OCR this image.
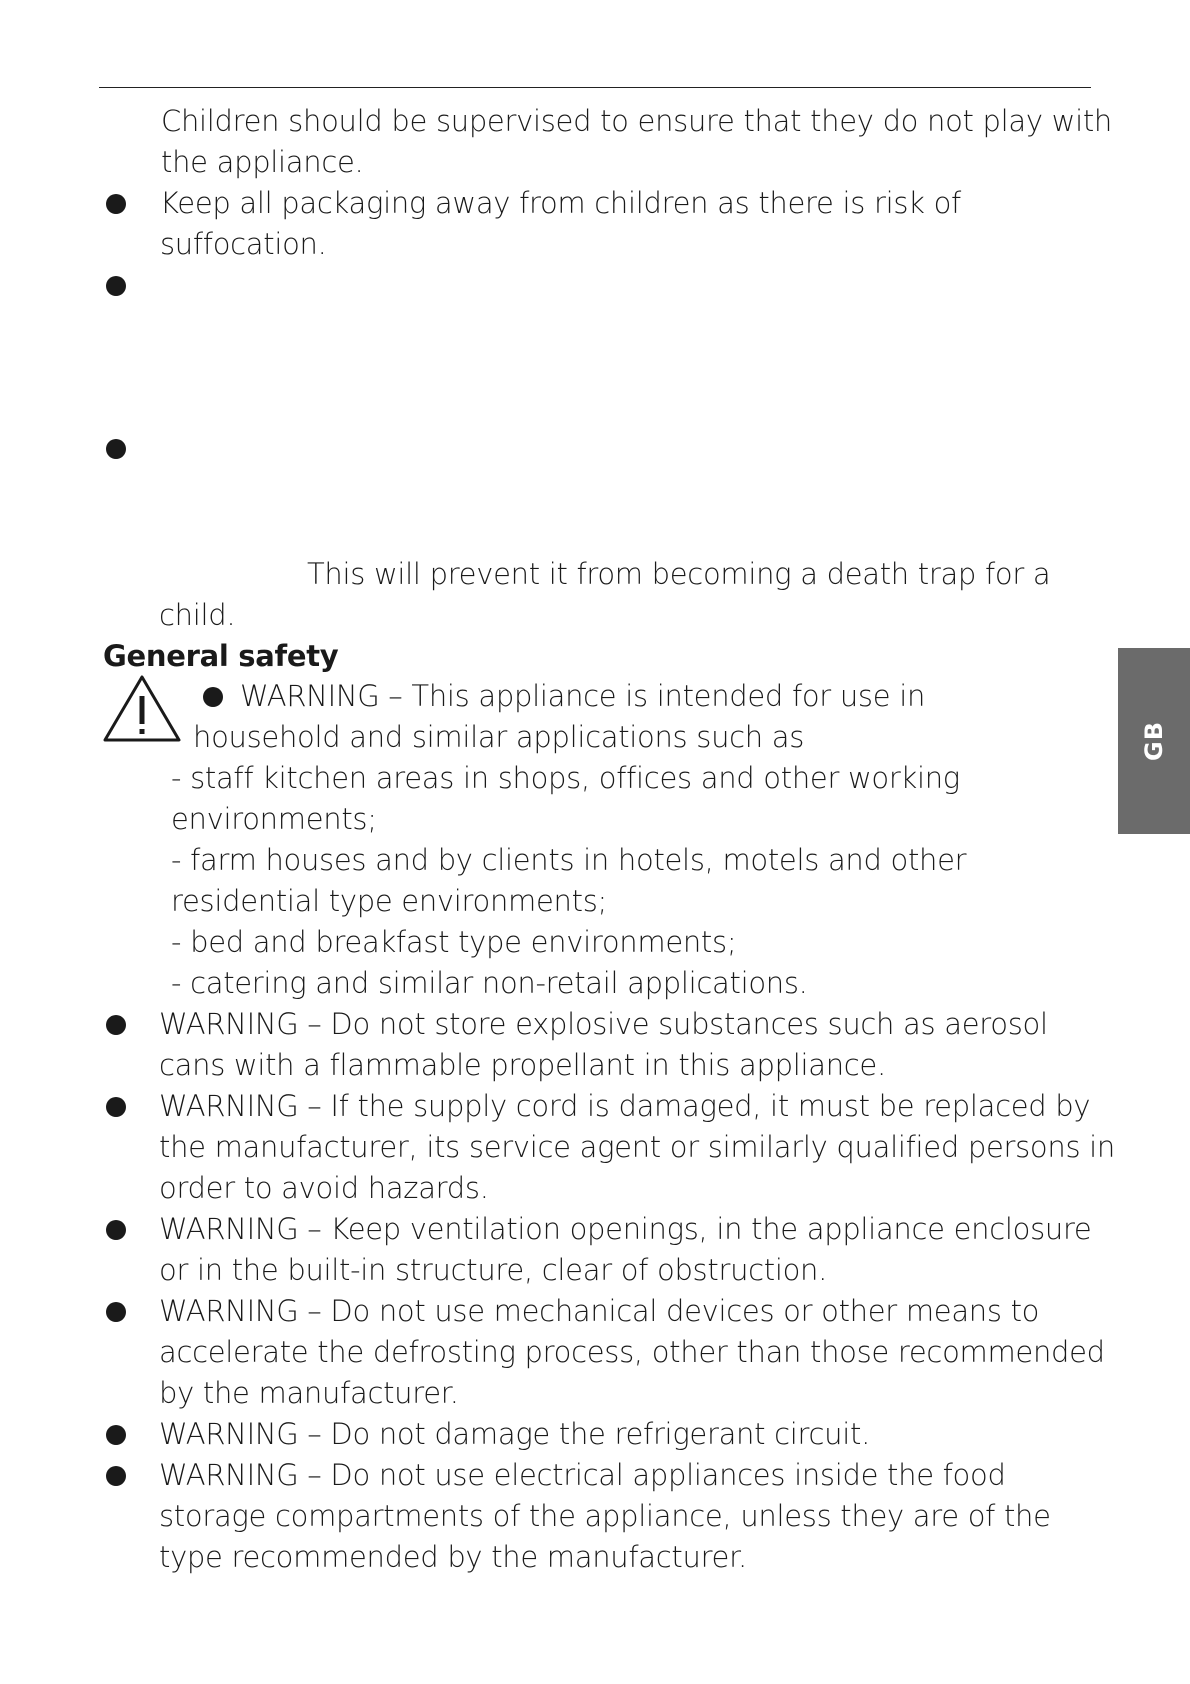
Children should be supervised to ensure that they do not play with
the appliance.
Keep all packaging away from children as there is risk of
suffocation.
This will prevent it from becoming a death trap for a
child.
General safety
WARNING – This appliance is intended for use in
household and similar applications such as
- staff kitchen areas in shops, offices and other working
environments;
- farm houses and by clients in hotels, motels and other
residential type environments;
- bed and breakfast type environments;
- catering and similar non-retail applications.
WARNING – Do not store explosive substances such as aerosol
cans with a flammable propellant in this appliance.
WARNING – If the supply cord is damaged, it must be replaced by
the manufacturer, its service agent or similarly qualified persons in
order to avoid hazards.
WARNING – Keep ventilation openings, in the appliance enclosure
or in the built-in structure, clear of obstruction.
WARNING – Do not use mechanical devices or other means to
accelerate the defrosting process, other than those recommended
by the manufacturer.
WARNING – Do not damage the refrigerant circuit.
WARNING – Do not use electrical appliances inside the food
storage compartments of the appliance, unless they are of the
type recommended by the manufacturer.
GB
